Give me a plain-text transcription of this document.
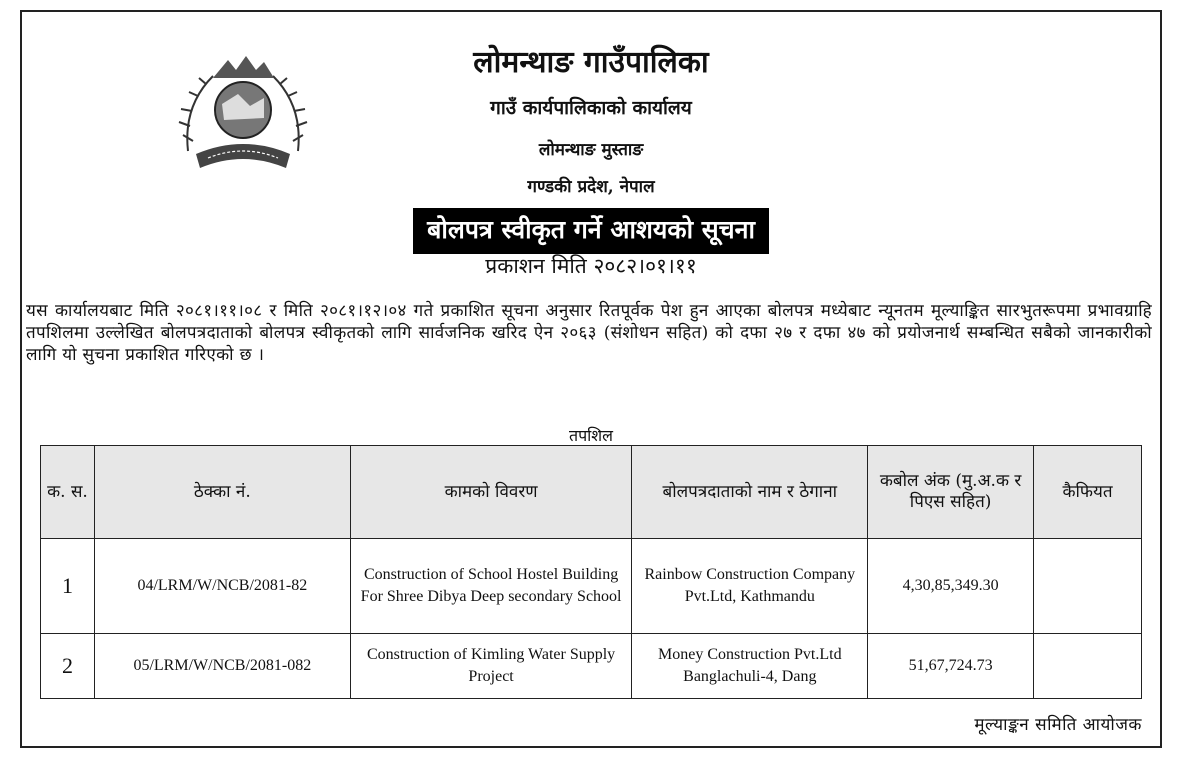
लोमन्थाङ गाउँपालिका
गाउँ कार्यपालिकाको कार्यालय
लोमन्थाङ मुस्ताङ
गण्डकी प्रदेश, नेपाल
बोलपत्र स्वीकृत गर्ने आशयको सूचना
प्रकाशन मिति २०८२।०१।११
यस कार्यालयबाट मिति २०८१।११।०८ र मिति २०८१।१२।०४ गते प्रकाशित सूचना अनुसार रितपूर्वक पेश हुन आएका बोलपत्र मध्येबाट न्यूनतम मूल्याङ्कित सारभुतरूपमा प्रभावग्राहि तपशिलमा उल्लेखित बोलपत्रदाताको बोलपत्र स्वीकृतको लागि सार्वजनिक खरिद ऐन २०६३ (संशोधन सहित) को दफा २७ र दफा ४७ को प्रयोजनार्थ सम्बन्धित सबैको जानकारीको लागि यो सुचना प्रकाशित गरिएको छ ।
तपशिल
क. स.	ठेक्का नं.	कामको विवरण	बोलपत्रदाताको नाम र ठेगाना	कबोल अंक (मु.अ.क र पिएस सहित)	कैफियत
1	04/LRM/W/NCB/2081-82	Construction of School Hostel Building For Shree Dibya Deep secondary School	Rainbow Construction Company Pvt.Ltd, Kathmandu	4,30,85,349.30	
2	05/LRM/W/NCB/2081-082	Construction of Kimling Water Supply Project	Money Construction Pvt.Ltd Banglachuli-4, Dang	51,67,724.73	
मूल्याङ्कन समिति आयोजक
